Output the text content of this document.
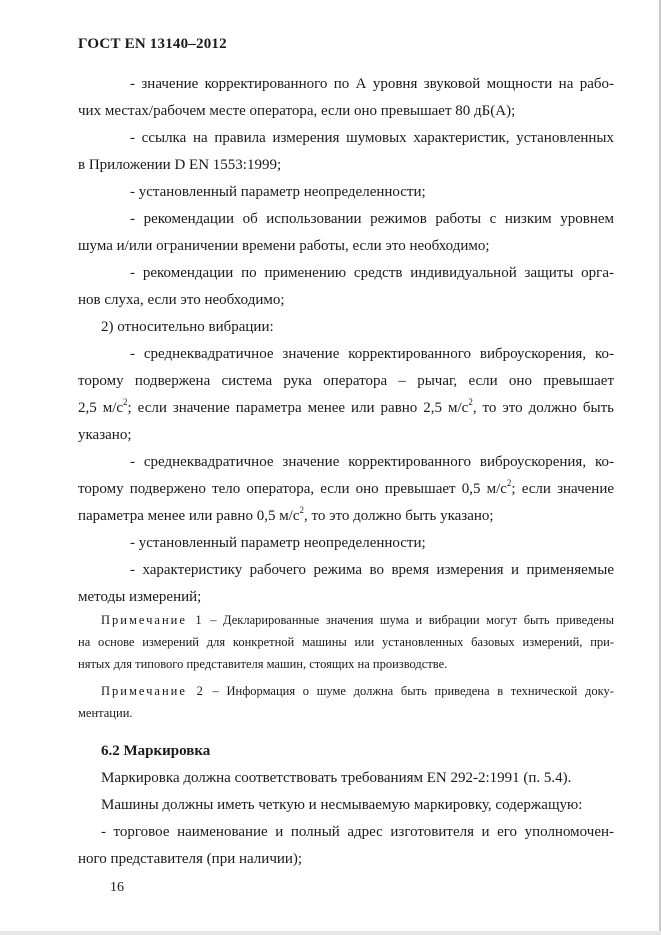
ГОСТ EN 13140–2012
- значение корректированного по А уровня звуковой мощности на рабо-
чих местах/рабочем месте оператора, если оно превышает 80 дБ(А);
- ссылка на правила измерения шумовых характеристик, установленных
в Приложении D EN 1553:1999;
- установленный параметр неопределенности;
- рекомендации об использовании режимов работы с низким уровнем
шума и/или ограничении времени работы, если это необходимо;
- рекомендации по применению средств индивидуальной защиты орга-
нов слуха, если это необходимо;
2) относительно вибрации:
- среднеквадратичное значение корректированного виброускорения, ко-
торому подвержена система рука оператора – рычаг, если оно превышает
2,5 $м/с^2$; если значение параметра менее или равно 2,5 $м/с^2$, то это должно быть
указано;
- среднеквадратичное значение корректированного виброускорения, ко-
торому подвержено тело оператора, если оно превышает 0,5 $м/с^2$; если значение
параметра менее или равно 0,5 $м/с^2$, то это должно быть указано;
- установленный параметр неопределенности;
- характеристику рабочего режима во время измерения и применяемые
методы измерений;
Примечание 1 – Декларированные значения шума и вибрации могут быть приведены
на основе измерений для конкретной машины или установленных базовых измерений, при-
нятых для типового представителя машин, стоящих на производстве.
Примечание 2 – Информация о шуме должна быть приведена в технической доку-
ментации.
6.2 Маркировка
Маркировка должна соответствовать требованиям EN 292-2:1991 (п. 5.4).
Машины должны иметь четкую и несмываемую маркировку, содержащую:
- торговое наименование и полный адрес изготовителя и его уполномочен-
ного представителя (при наличии);
16
